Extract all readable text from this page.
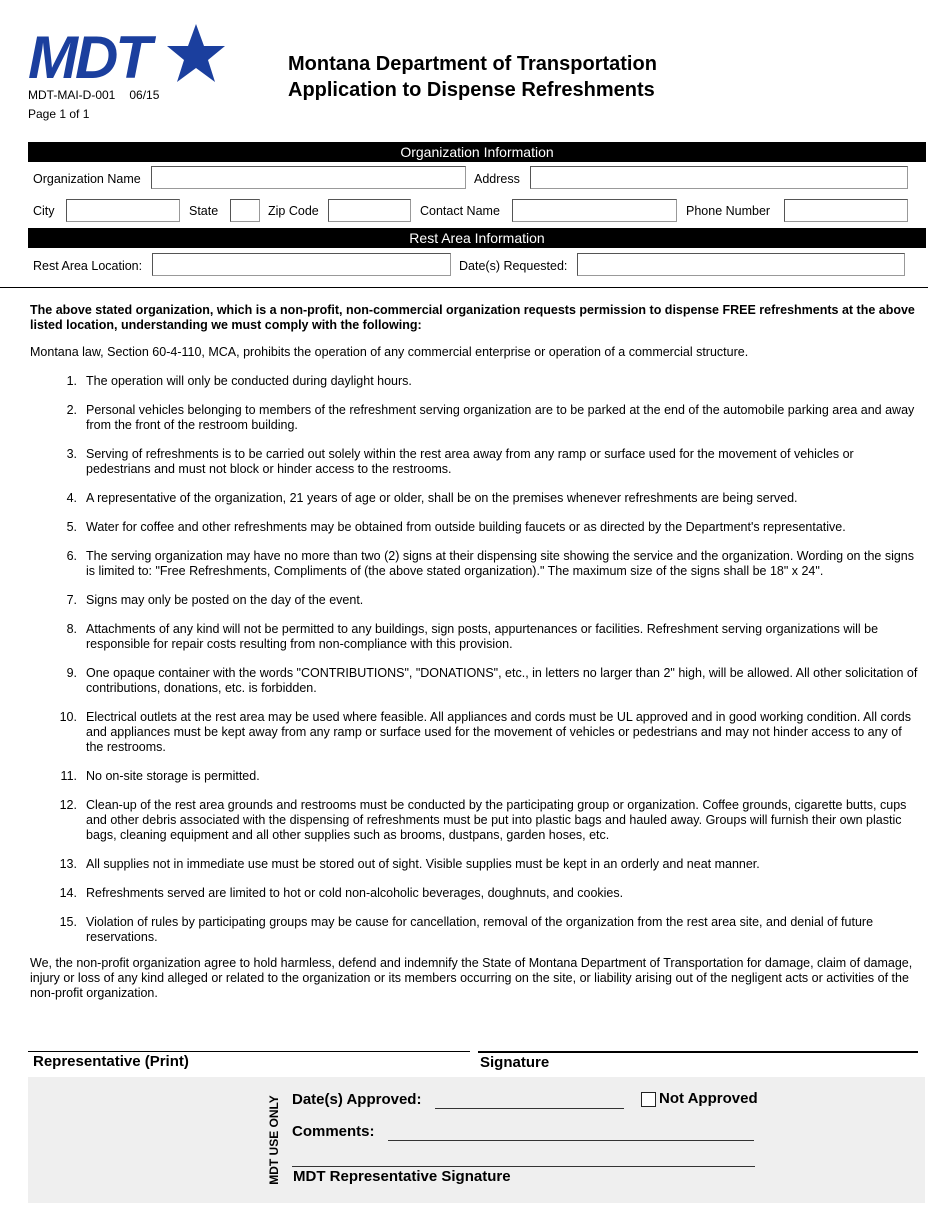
MDT
MDT-MAI-D-001 06/15
Page 1 of 1
Montana Department of Transportation
Application to Dispense Refreshments
Organization Information
Organization Name	Address
City	State	Zip Code	Contact Name	Phone Number
Rest Area Information
Rest Area Location:	Date(s) Requested:

The above stated organization, which is a non-profit, non-commercial organization requests permission to dispense FREE refreshments at the above listed location, understanding we must comply with the following:

Montana law, Section 60-4-110, MCA, prohibits the operation of any commercial enterprise or operation of a commercial structure.

1. The operation will only be conducted during daylight hours.
2. Personal vehicles belonging to members of the refreshment serving organization are to be parked at the end of the automobile parking area and away from the front of the restroom building.
3. Serving of refreshments is to be carried out solely within the rest area away from any ramp or surface used for the movement of vehicles or pedestrians and must not block or hinder access to the restrooms.
4. A representative of the organization, 21 years of age or older, shall be on the premises whenever refreshments are being served.
5. Water for coffee and other refreshments may be obtained from outside building faucets or as directed by the Department's representative.
6. The serving organization may have no more than two (2) signs at their dispensing site showing the service and the organization. Wording on the signs is limited to: "Free Refreshments, Compliments of (the above stated organization)." The maximum size of the signs shall be 18" x 24".
7. Signs may only be posted on the day of the event.
8. Attachments of any kind will not be permitted to any buildings, sign posts, appurtenances or facilities. Refreshment serving organizations will be responsible for repair costs resulting from non-compliance with this provision.
9. One opaque container with the words "CONTRIBUTIONS", "DONATIONS", etc., in letters no larger than 2" high, will be allowed. All other solicitation of contributions, donations, etc. is forbidden.
10. Electrical outlets at the rest area may be used where feasible. All appliances and cords must be UL approved and in good working condition. All cords and appliances must be kept away from any ramp or surface used for the movement of vehicles or pedestrians and may not hinder access to any of the restrooms.
11. No on-site storage is permitted.
12. Clean-up of the rest area grounds and restrooms must be conducted by the participating group or organization. Coffee grounds, cigarette butts, cups and other debris associated with the dispensing of refreshments must be put into plastic bags and hauled away. Groups will furnish their own plastic bags, cleaning equipment and all other supplies such as brooms, dustpans, garden hoses, etc.
13. All supplies not in immediate use must be stored out of sight. Visible supplies must be kept in an orderly and neat manner.
14. Refreshments served are limited to hot or cold non-alcoholic beverages, doughnuts, and cookies.
15. Violation of rules by participating groups may be cause for cancellation, removal of the organization from the rest area site, and denial of future reservations.

We, the non-profit organization agree to hold harmless, defend and indemnify the State of Montana Department of Transportation for damage, claim of damage, injury or loss of any kind alleged or related to the organization or its members occurring on the site, or liability arising out of the negligent acts or activities of the non-profit organization.

Representative (Print)	Signature
MDT USE ONLY Date(s) Approved:	Not Approved
Comments:
MDT Representative Signature
